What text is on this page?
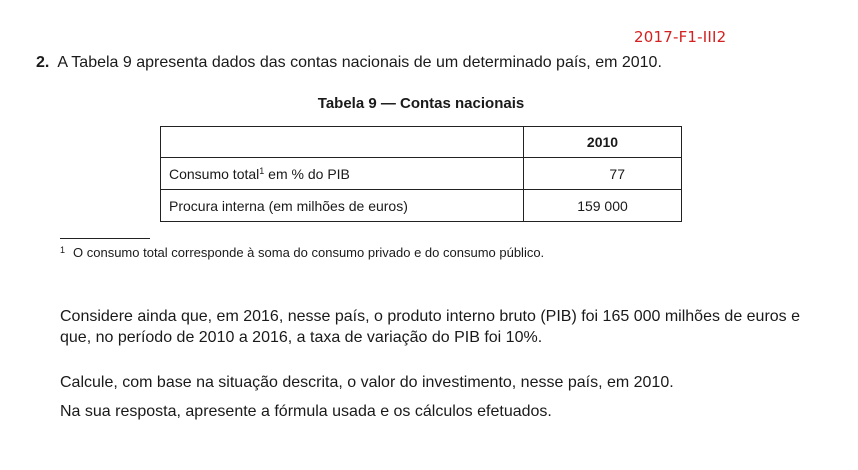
2017-F1-III2
2. A Tabela 9 apresenta dados das contas nacionais de um determinado país, em 2010.
Tabela 9 — Contas nacionais
	2010
Consumo total$^1$ em % do PIB	77
Procura interna (em milhões de euros)	159 000
$^1$ O consumo total corresponde à soma do consumo privado e do consumo público.
Considere ainda que, em 2016, nesse país, o produto interno bruto (PIB) foi 165 000 milhões de euros e que, no período de 2010 a 2016, a taxa de variação do PIB foi 10%.
Calcule, com base na situação descrita, o valor do investimento, nesse país, em 2010.
Na sua resposta, apresente a fórmula usada e os cálculos efetuados.
